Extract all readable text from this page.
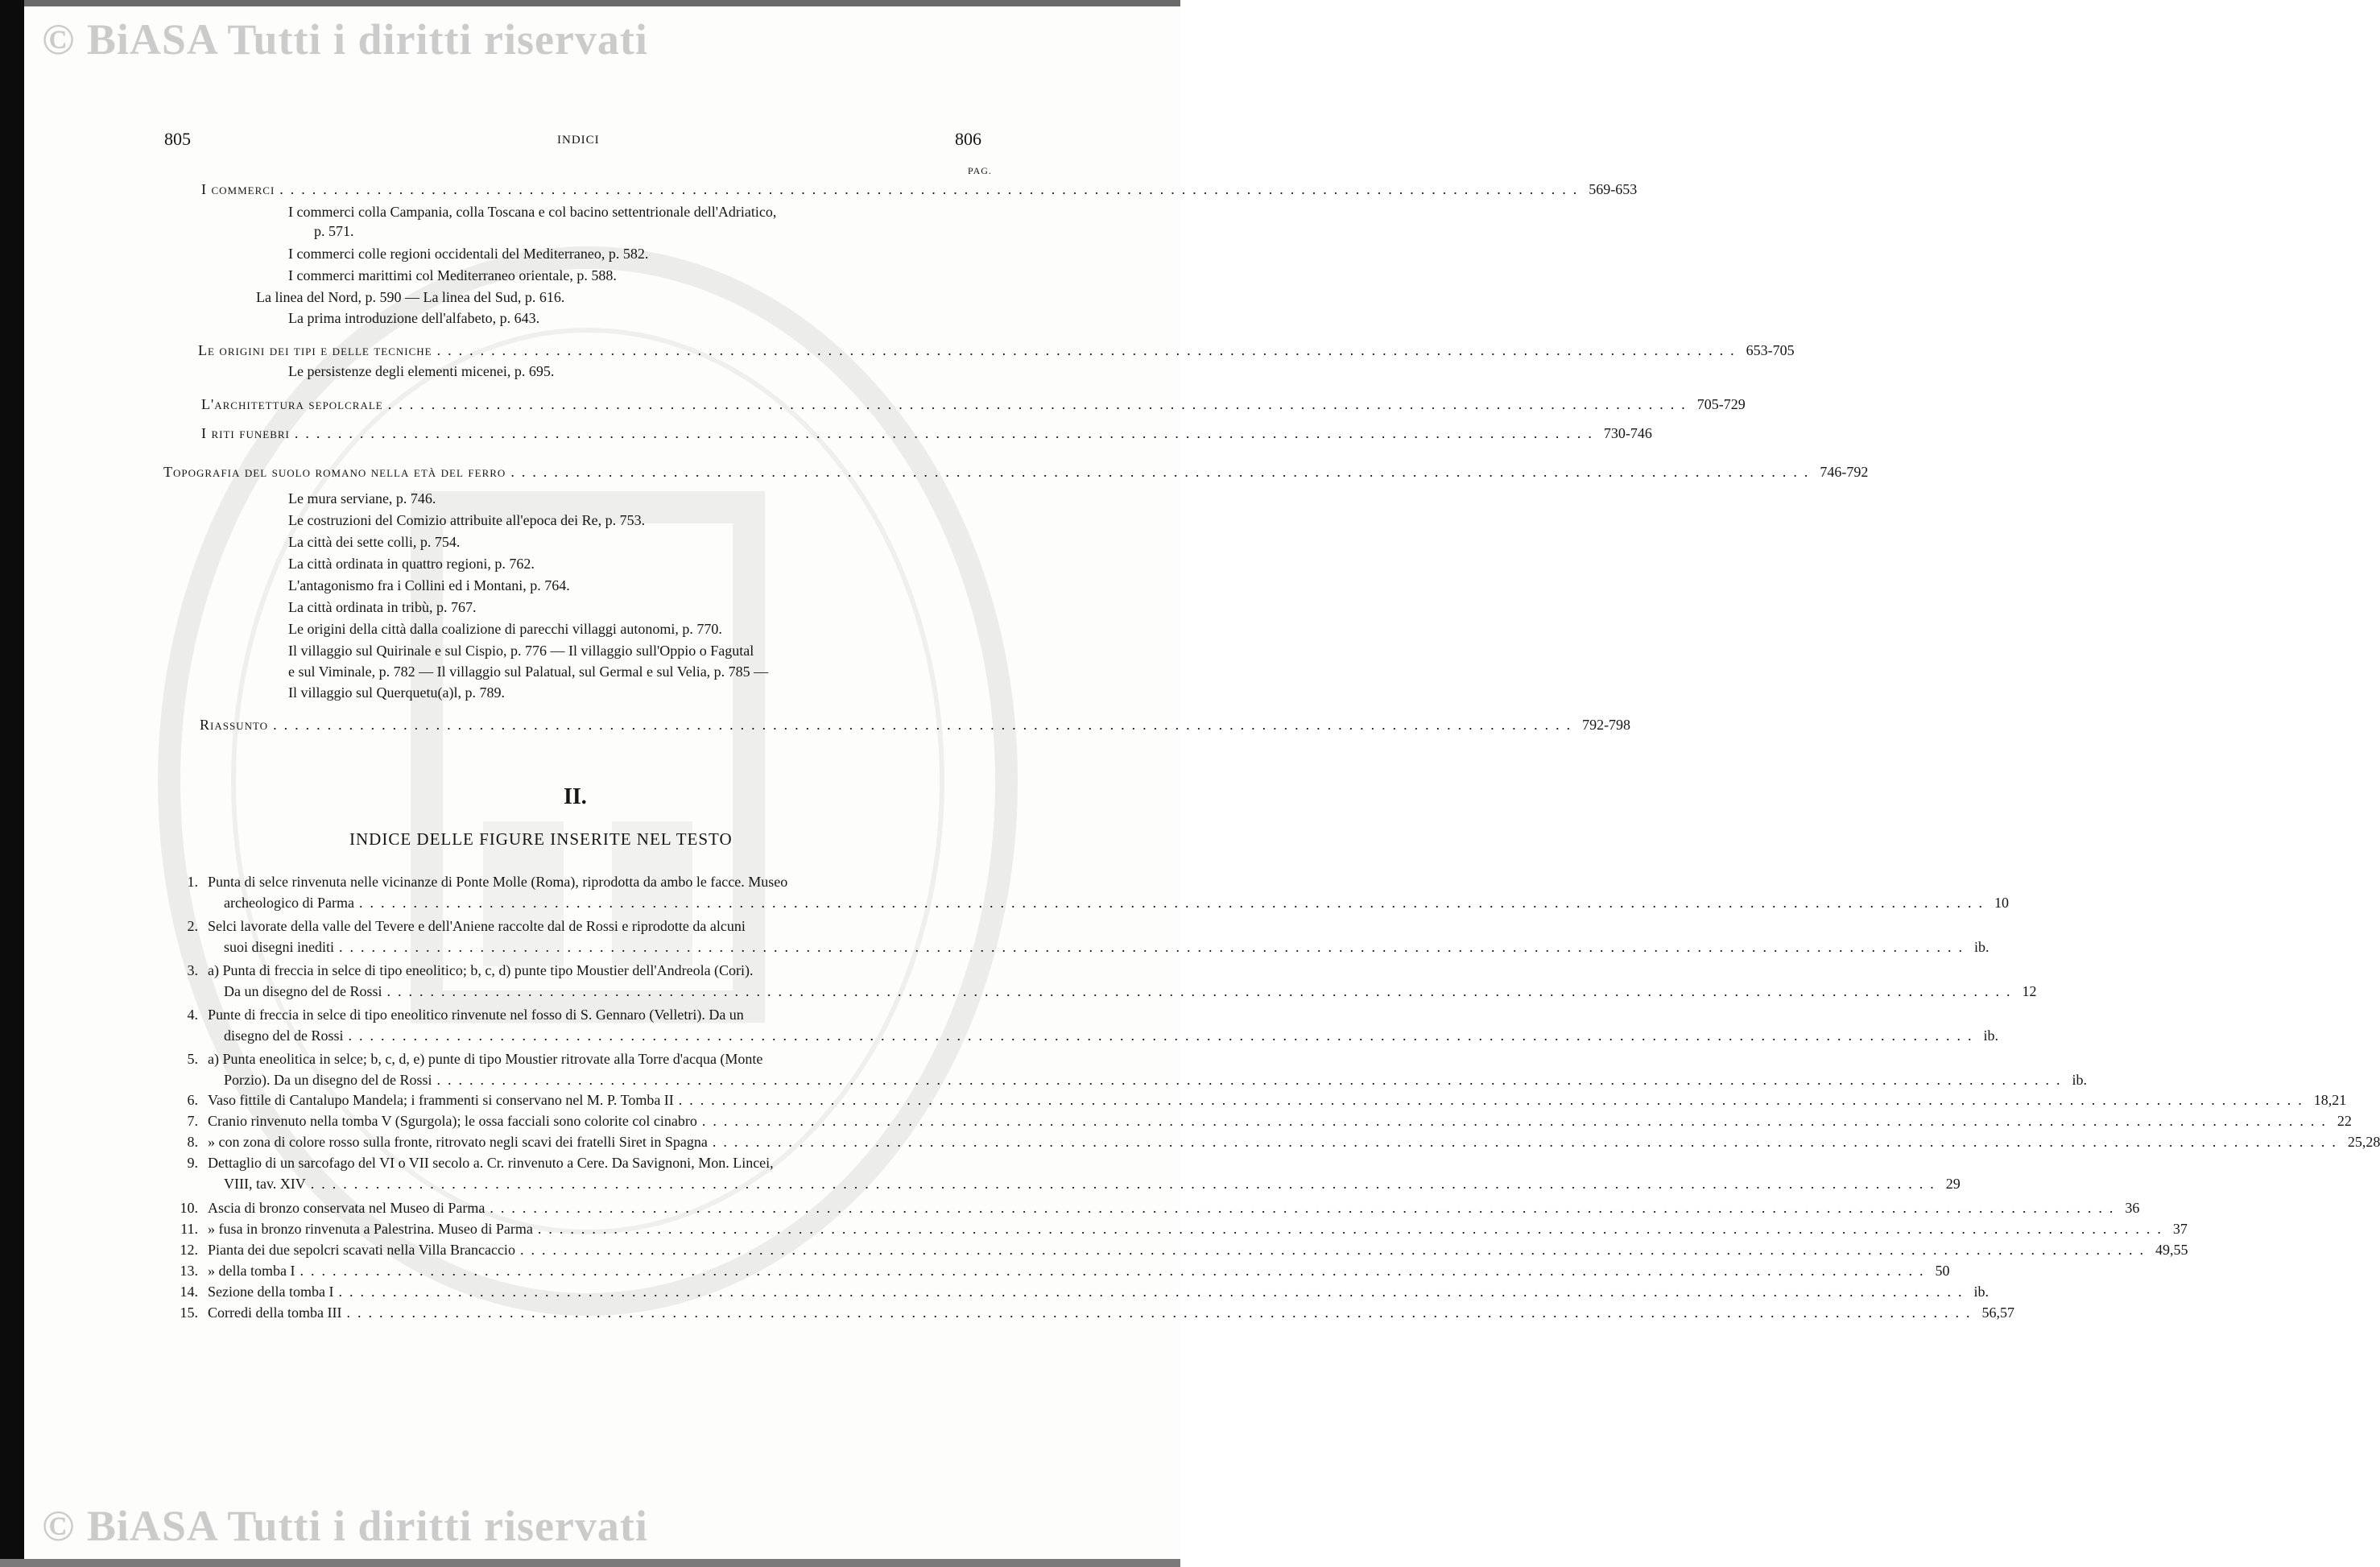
© BiASA Tutti i diritti riservati
© BiASA Tutti i diritti riservati
805	INDICI	806
PAG.
I commerci ........................................................................................................................ 569-653
I commerci colla Campania, colla Toscana e col bacino settentrionale dell'Adriatico,
p. 571.
I commerci colle regioni occidentali del Mediterraneo, p. 582.
I commerci marittimi col Mediterraneo orientale, p. 588.
La linea del Nord, p. 590 — La linea del Sud, p. 616.
La prima introduzione dell'alfabeto, p. 643.
Le origini dei tipi e delle tecniche ........................................................................................................................ 653-705
Le persistenze degli elementi micenei, p. 695.
L'architettura sepolcrale ........................................................................................................................ 705-729
I riti funebri ........................................................................................................................ 730-746
Topografia del suolo romano nella età del ferro ........................................................................................................................ 746-792
Le mura serviane, p. 746.
Le costruzioni del Comizio attribuite all'epoca dei Re, p. 753.
La città dei sette colli, p. 754.
La città ordinata in quattro regioni, p. 762.
L'antagonismo fra i Collini ed i Montani, p. 764.
La città ordinata in tribù, p. 767.
Le origini della città dalla coalizione di parecchi villaggi autonomi, p. 770.
Il villaggio sul Quirinale e sul Cispio, p. 776 — Il villaggio sull'Oppio o Fagutal
e sul Viminale, p. 782 — Il villaggio sul Palatual, sul Germal e sul Velia, p. 785 —
Il villaggio sul Querquetu(a)l, p. 789.
Riassunto ........................................................................................................................ 792-798
II.
INDICE DELLE FIGURE INSERITE NEL TESTO
1. Punta di selce rinvenuta nelle vicinanze di Ponte Molle (Roma), riprodotta da ambo le facce. Museo
archeologico di Parma ...................................................................................................................................................... 10
2. Selci lavorate della valle del Tevere e dell'Aniene raccolte dal de Rossi e riprodotte da alcuni
suoi disegni inediti ...................................................................................................................................................... ib.
3. a) Punta di freccia in selce di tipo eneolitico; b, c, d) punte tipo Moustier dell'Andreola (Cori).
Da un disegno del de Rossi ...................................................................................................................................................... 12
4. Punte di freccia in selce di tipo eneolitico rinvenute nel fosso di S. Gennaro (Velletri). Da un
disegno del de Rossi ...................................................................................................................................................... ib.
5. a) Punta eneolitica in selce; b, c, d, e) punte di tipo Moustier ritrovate alla Torre d'acqua (Monte
Porzio). Da un disegno del de Rossi ...................................................................................................................................................... ib.
6. Vaso fittile di Cantalupo Mandela; i frammenti si conservano nel M. P. Tomba II ...................................................................................................................................................... 18,21
7. Cranio rinvenuto nella tomba V (Sgurgola); le ossa facciali sono colorite col cinabro ...................................................................................................................................................... 22
8. » con zona di colore rosso sulla fronte, ritrovato negli scavi dei fratelli Siret in Spagna ...................................................................................................................................................... 25,28
9. Dettaglio di un sarcofago del VI o VII secolo a. Cr. rinvenuto a Cere. Da Savignoni, Mon. Lincei,
VIII, tav. XIV ...................................................................................................................................................... 29
10. Ascia di bronzo conservata nel Museo di Parma ...................................................................................................................................................... 36
11. » fusa in bronzo rinvenuta a Palestrina. Museo di Parma ...................................................................................................................................................... 37
12. Pianta dei due sepolcri scavati nella Villa Brancaccio ...................................................................................................................................................... 49,55
13. » della tomba I ...................................................................................................................................................... 50
14. Sezione della tomba I ...................................................................................................................................................... ib.
15. Corredi della tomba III ...................................................................................................................................................... 56,57
